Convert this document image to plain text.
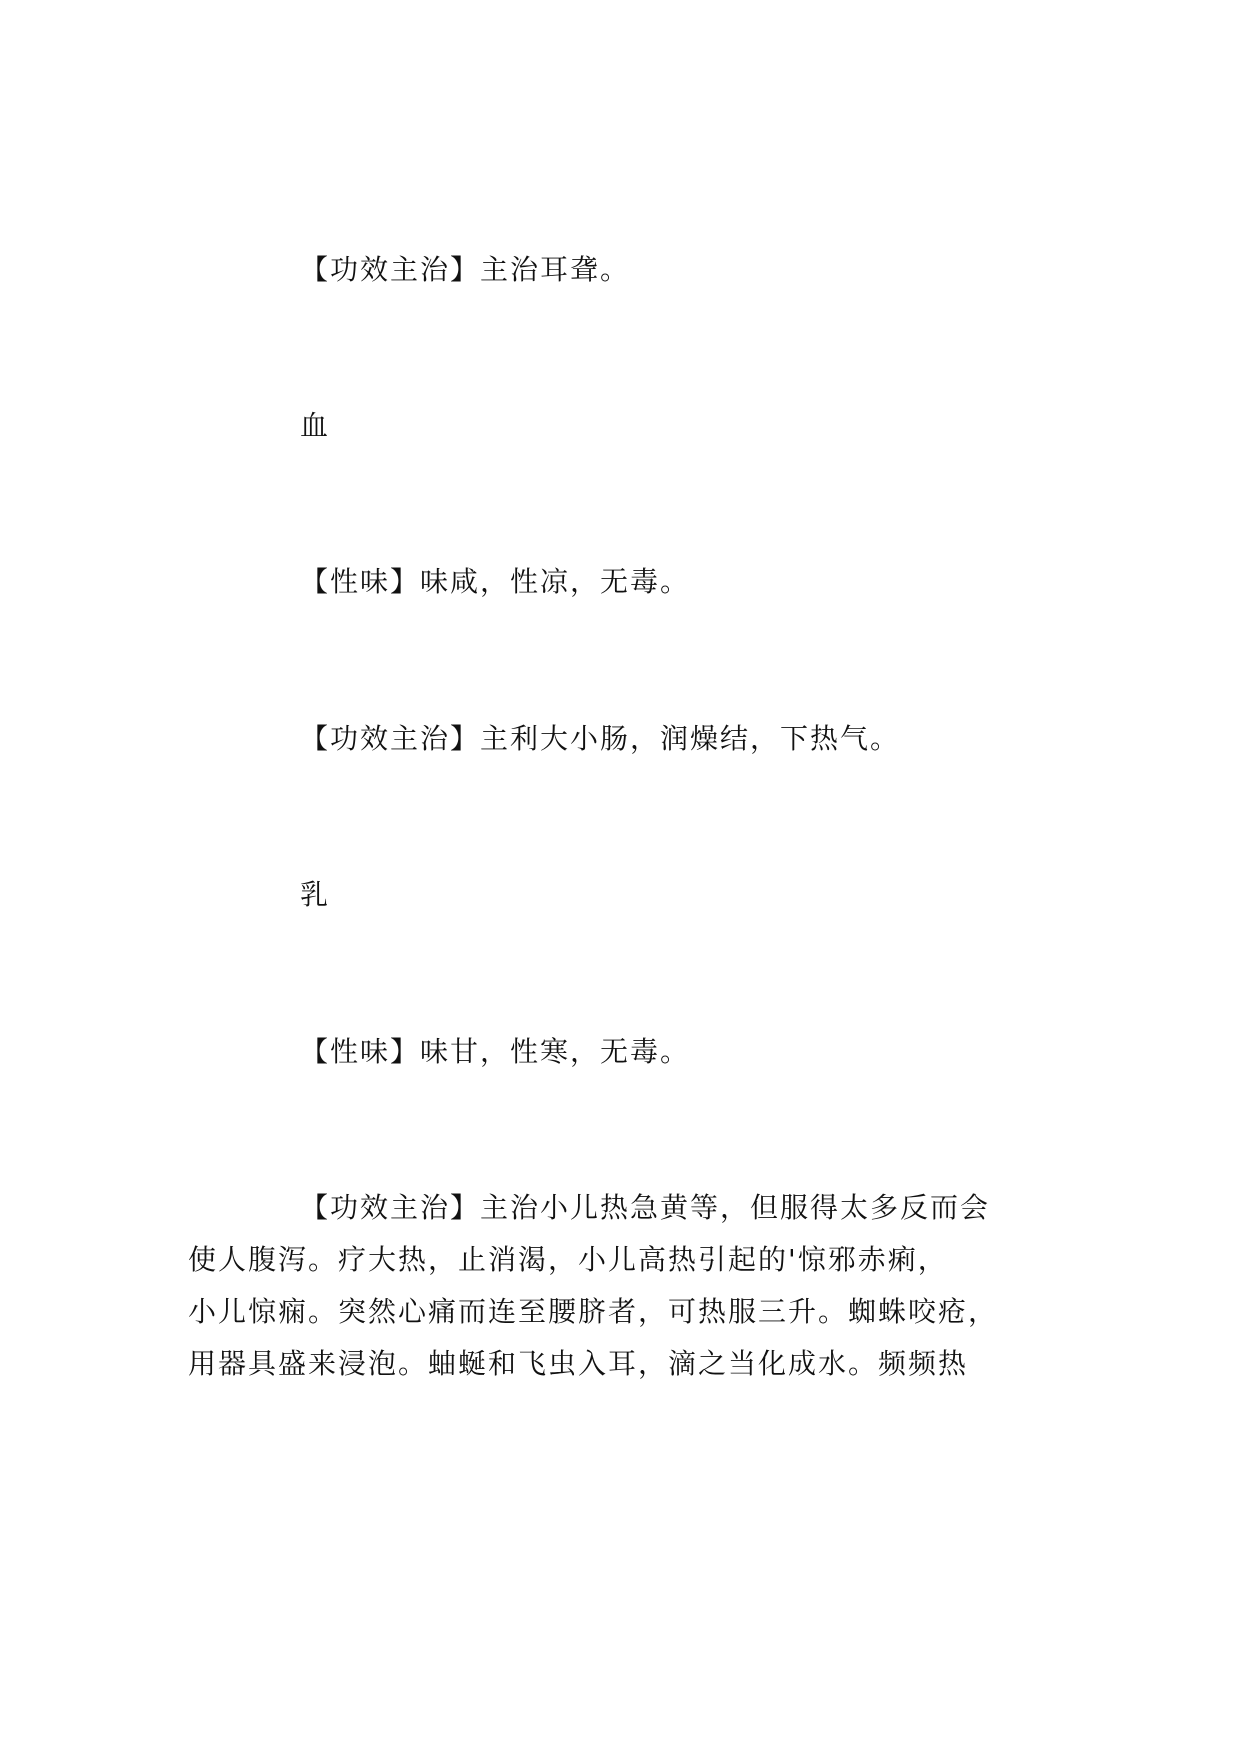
【功效主治】主治耳聋。
血
【性味】味咸，性凉，无毒。
【功效主治】主利大小肠，润燥结，下热气。
乳
【性味】味甘，性寒，无毒。
【功效主治】主治小儿热急黄等，但服得太多反而会
使人腹泻。疗大热，止消渴，小儿高热引起的'惊邪赤痢，
小儿惊痫。突然心痛而连至腰脐者，可热服三升。蜘蛛咬疮，
用器具盛来浸泡。蚰蜒和飞虫入耳，滴之当化成水。频频热
